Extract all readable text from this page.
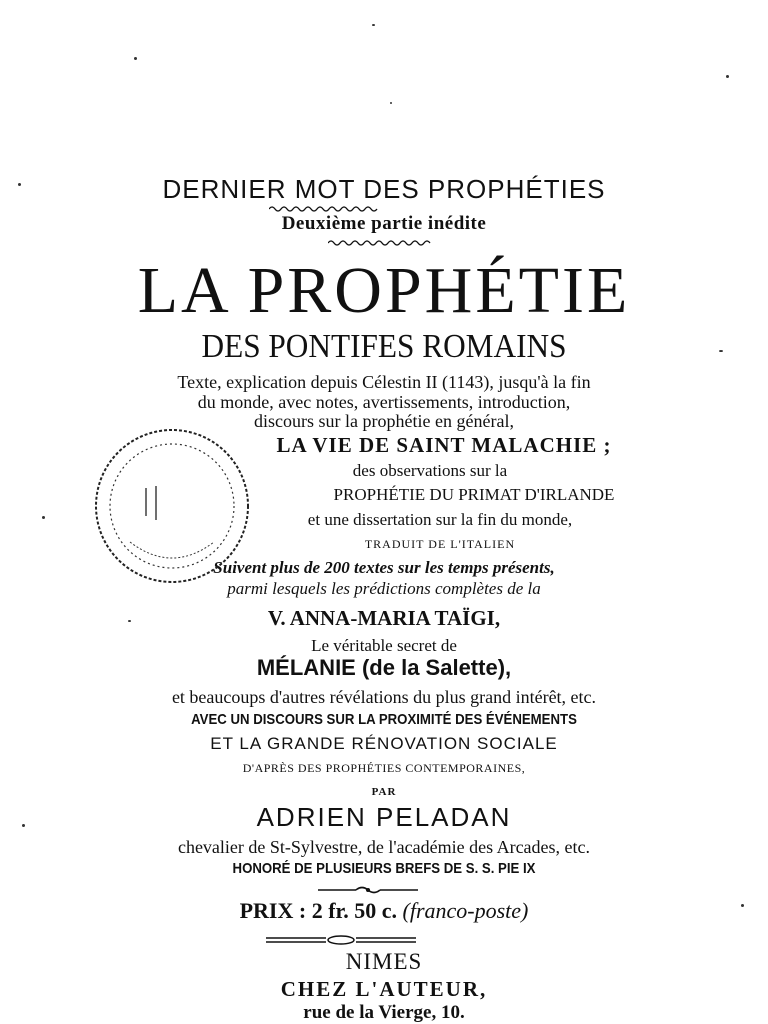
DERNIER MOT DES PROPHÉTIES
Deuxième partie inédite
LA PROPHÉTIE
DES PONTIFES ROMAINS
Texte, explication depuis Célestin II (1143), jusqu'à la fin
du monde, avec notes, avertissements, introduction,
discours sur la prophétie en général,
LA VIE DE SAINT MALACHIE ;
des observations sur la
PROPHÉTIE DU PRIMAT D'IRLANDE
et une dissertation sur la fin du monde,
TRADUIT DE L'ITALIEN
Suivent plus de 200 textes sur les temps présents,
parmi lesquels les prédictions complètes de la
V. ANNA-MARIA TAÏGI,
Le véritable secret de
MÉLANIE (de la Salette),
et beaucoups d'autres révélations du plus grand intérêt, etc.
AVEC UN DISCOURS SUR LA PROXIMITÉ DES ÉVÉNEMENTS
ET LA GRANDE RÉNOVATION SOCIALE
D'APRÈS DES PROPHÉTIES CONTEMPORAINES,
PAR
ADRIEN PELADAN
chevalier de St-Sylvestre, de l'académie des Arcades, etc.
HONORÉ DE PLUSIEURS BREFS DE S. S. PIE IX
PRIX : 2 fr. 50 c. (franco-poste)
NIMES
CHEZ L'AUTEUR,
rue de la Vierge, 10.
